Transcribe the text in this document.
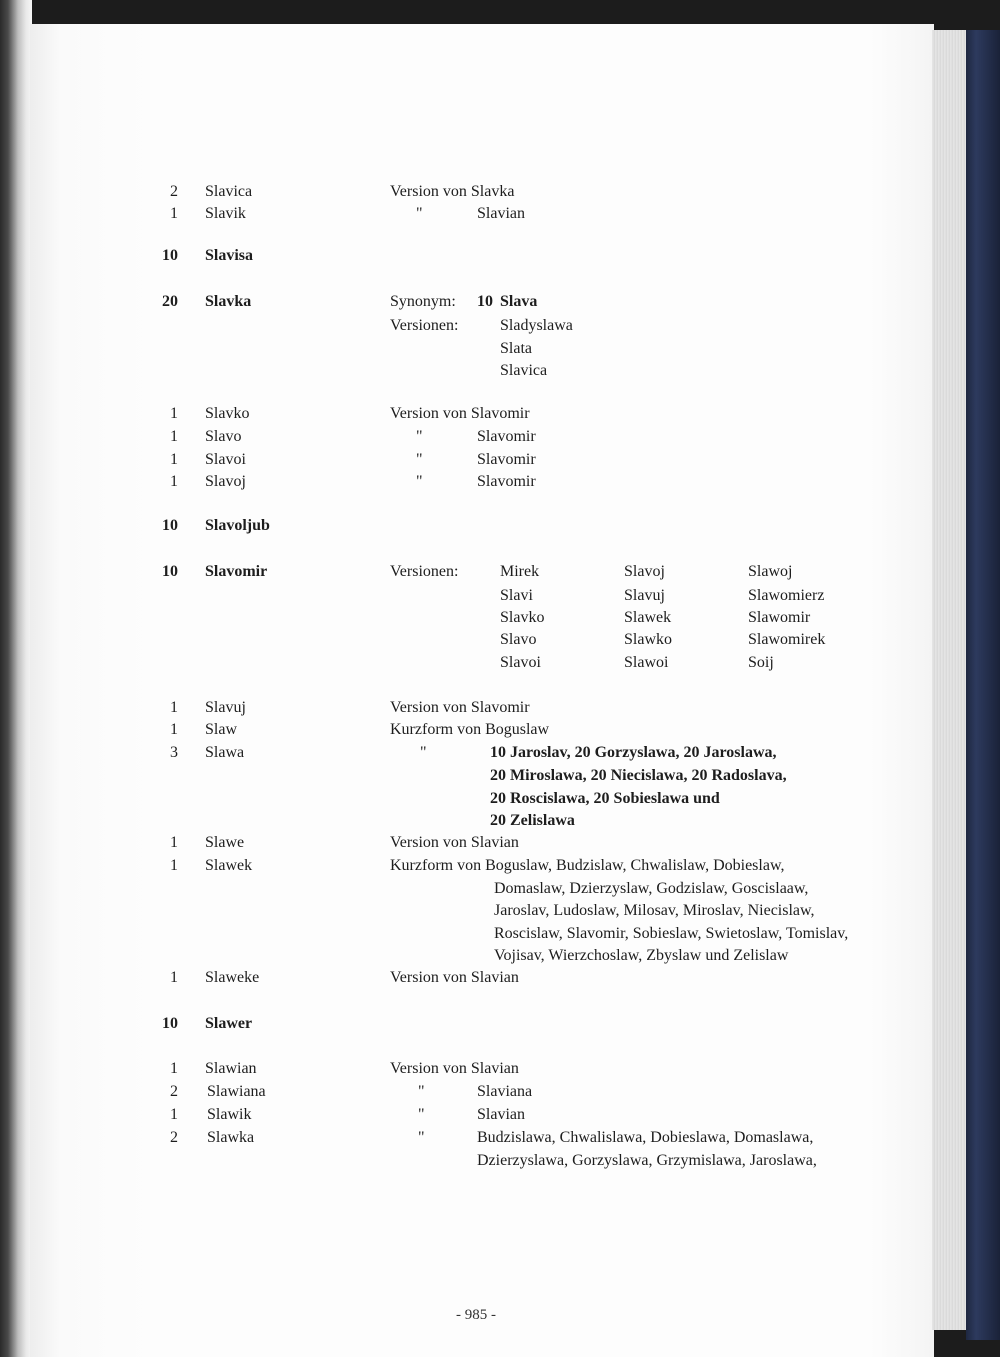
2 Slavica	Version von Slavka
1 Slavik	"	Slavian
10 Slavisa
20 Slavka	Synonym: 10 Slava
Versionen:	Sladyslawa
Slata
Slavica
1 Slavko	Version von Slavomir
1 Slavo	"	Slavomir
1 Slavoi	"	Slavomir
1 Slavoj	"	Slavomir
10 Slavoljub
10 Slavomir	Versionen:	Mirek	Slavoj	Slawoj
Slavi	Slavuj	Slawomierz
Slavko	Slawek	Slawomir
Slavo	Slawko	Slawomirek
Slavoi	Slawoi	Soij
1 Slavuj	Version von Slavomir
1 Slaw	Kurzform von Boguslaw
3 Slawa	"	10 Jaroslav, 20 Gorzyslawa, 20 Jaroslawa,
20 Miroslawa, 20 Niecislawa, 20 Radoslava,
20 Roscislawa, 20 Sobieslawa und
20 Zelislawa
1 Slawe	Version von Slavian
1 Slawek	Kurzform von Boguslaw, Budzislaw, Chwalislaw, Dobieslaw,
Domaslaw, Dzierzyslaw, Godzislaw, Goscislaaw,
Jaroslav, Ludoslaw, Milosav, Miroslav, Niecislaw,
Roscislaw, Slavomir, Sobieslaw, Swietoslaw, Tomislav,
Vojisav, Wierzchoslaw, Zbyslaw und Zelislaw
1 Slaweke	Version von Slavian
10 Slawer
1 Slawian	Version von Slavian
2 Slawiana	"	Slaviana
1 Slawik	"	Slavian
2 Slawka	"	Budzislawa, Chwalislawa, Dobieslawa, Domaslawa,
Dzierzyslawa, Gorzyslawa, Grzymislawa, Jaroslawa,
- 985 -
